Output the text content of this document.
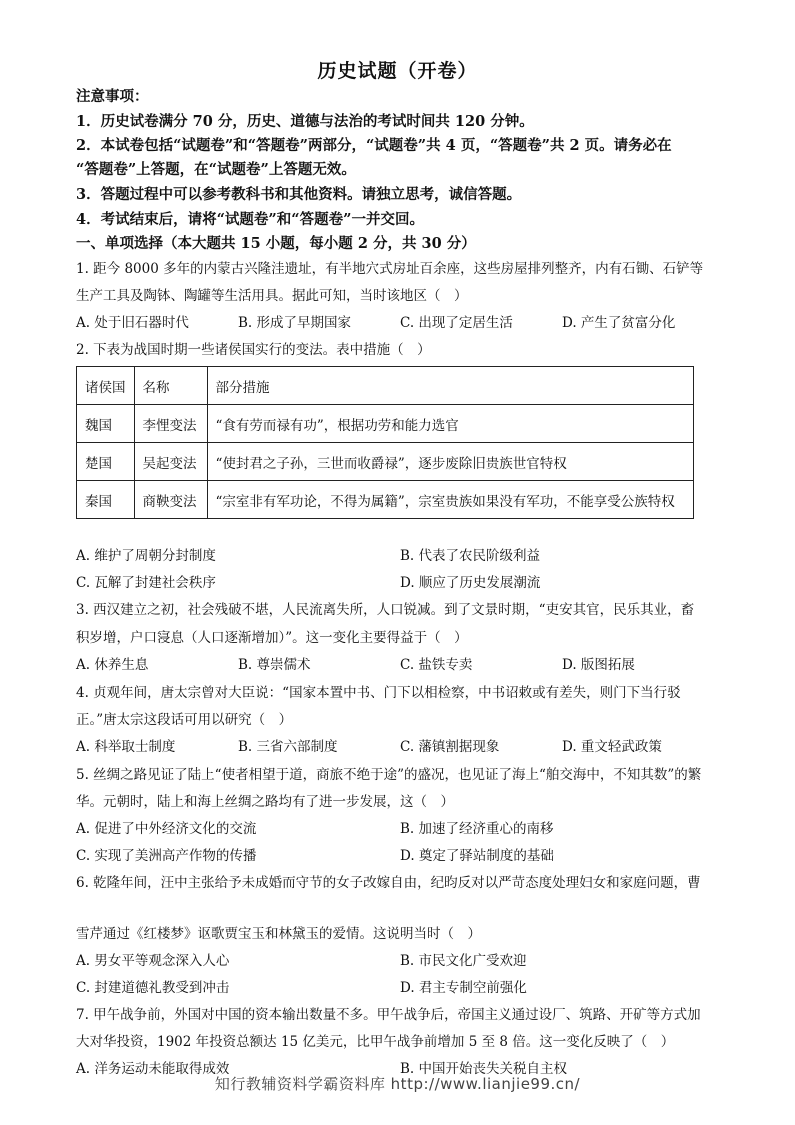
历史试题（开卷）
注意事项：
1．历史试卷满分 70 分，历史、道德与法治的考试时间共 120 分钟。
2．本试卷包括“试题卷”和“答题卷”两部分，“试题卷”共 4 页，“答题卷”共 2 页。请务必在
“答题卷”上答题，在“试题卷”上答题无效。
3．答题过程中可以参考教科书和其他资料。请独立思考，诚信答题。
4．考试结束后，请将“试题卷”和“答题卷”一并交回。
一、单项选择（本大题共 15 小题，每小题 2 分，共 30 分）
1. 距今 8000 多年的内蒙古兴隆洼遗址，有半地穴式房址百余座，这些房屋排列整齐，内有石锄、石铲等
生产工具及陶钵、陶罐等生活用具。据此可知，当时该地区（　）
A. 处于旧石器时代	B. 形成了早期国家	C. 出现了定居生活	D. 产生了贫富分化
2. 下表为战国时期一些诸侯国实行的变法。表中措施（　）
诸侯国	名称	部分措施
魏国	李悝变法	“食有劳而禄有功”，根据功劳和能力选官
楚国	吴起变法	“使封君之子孙，三世而收爵禄”，逐步废除旧贵族世官特权
秦国	商鞅变法	“宗室非有军功论，不得为属籍”，宗室贵族如果没有军功，不能享受公族特权
A. 维护了周朝分封制度	B. 代表了农民阶级利益
C. 瓦解了封建社会秩序	D. 顺应了历史发展潮流
3. 西汉建立之初，社会残破不堪，人民流离失所，人口锐减。到了文景时期，“吏安其官，民乐其业，畜
积岁增，户口寖息（人口逐渐增加）”。这一变化主要得益于（　）
A. 休养生息	B. 尊崇儒术	C. 盐铁专卖	D. 版图拓展
4. 贞观年间，唐太宗曾对大臣说：“国家本置中书、门下以相检察，中书诏敕或有差失，则门下当行驳
正。”唐太宗这段话可用以研究（　）
A. 科举取士制度	B. 三省六部制度	C. 藩镇割据现象	D. 重文轻武政策
5. 丝绸之路见证了陆上“使者相望于道，商旅不绝于途”的盛况，也见证了海上“舶交海中，不知其数”的繁
华。元朝时，陆上和海上丝绸之路均有了进一步发展，这（　）
A. 促进了中外经济文化的交流	B. 加速了经济重心的南移
C. 实现了美洲高产作物的传播	D. 奠定了驿站制度的基础
6. 乾隆年间，汪中主张给予未成婚而守节的女子改嫁自由，纪昀反对以严苛态度处理妇女和家庭问题，曹
雪芹通过《红楼梦》讴歌贾宝玉和林黛玉的爱情。这说明当时（　）
A. 男女平等观念深入人心	B. 市民文化广受欢迎
C. 封建道德礼教受到冲击	D. 君主专制空前强化
7. 甲午战争前，外国对中国的资本输出数量不多。甲午战争后，帝国主义通过设厂、筑路、开矿等方式加
大对华投资，1902 年投资总额达 15 亿美元，比甲午战争前增加 5 至 8 倍。这一变化反映了（　）
A. 洋务运动未能取得成效	B. 中国开始丧失关税自主权
知行教辅资料学霸资料库 http://www.lianjie99.cn/
